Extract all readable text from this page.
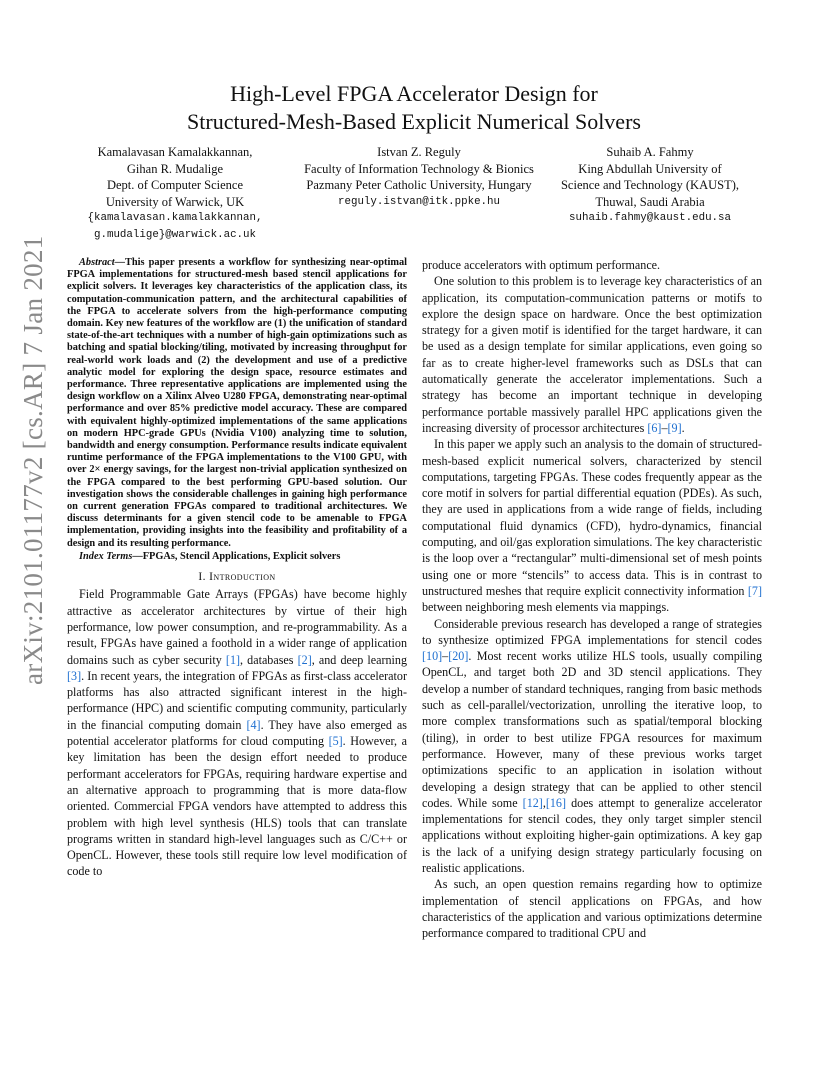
arXiv:2101.01177v2 [cs.AR] 7 Jan 2021
High-Level FPGA Accelerator Design for
Structured-Mesh-Based Explicit Numerical Solvers
Kamalavasan Kamalakkannan,
Gihan R. Mudalige
Dept. of Computer Science
University of Warwick, UK
{kamalavasan.kamalakkannan,
g.mudalige}@warwick.ac.uk
Istvan Z. Reguly
Faculty of Information Technology & Bionics
Pazmany Peter Catholic University, Hungary
reguly.istvan@itk.ppke.hu
Suhaib A. Fahmy
King Abdullah University of
Science and Technology (KAUST),
Thuwal, Saudi Arabia
suhaib.fahmy@kaust.edu.sa

Abstract—This paper presents a workflow for synthesizing near-optimal FPGA implementations for structured-mesh based stencil applications for explicit solvers. It leverages key characteristics of the application class, its computation-communication pattern, and the architectural capabilities of the FPGA to accelerate solvers from the high-performance computing domain. Key new features of the workflow are (1) the unification of standard state-of-the-art techniques with a number of high-gain optimizations such as batching and spatial blocking/tiling, motivated by increasing throughput for real-world work loads and (2) the development and use of a predictive analytic model for exploring the design space, resource estimates and performance. Three representative applications are implemented using the design workflow on a Xilinx Alveo U280 FPGA, demonstrating near-optimal performance and over 85% predictive model accuracy. These are compared with equivalent highly-optimized implementations of the same applications on modern HPC-grade GPUs (Nvidia V100) analyzing time to solution, bandwidth and energy consumption. Performance results indicate equivalent runtime performance of the FPGA implementations to the V100 GPU, with over 2× energy savings, for the largest non-trivial application synthesized on the FPGA compared to the best performing GPU-based solution. Our investigation shows the considerable challenges in gaining high performance on current generation FPGAs compared to traditional architectures. We discuss determinants for a given stencil code to be amenable to FPGA implementation, providing insights into the feasibility and profitability of a design and its resulting performance.

Index Terms—FPGAs, Stencil Applications, Explicit solvers

I. Introduction

Field Programmable Gate Arrays (FPGAs) have become highly attractive as accelerator architectures by virtue of their high performance, low power consumption, and re-programmability. As a result, FPGAs have gained a foothold in a wider range of application domains such as cyber security [1], databases [2], and deep learning [3]. In recent years, the integration of FPGAs as first-class accelerator platforms has also attracted significant interest in the high-performance (HPC) and scientific computing community, particularly in the financial computing domain [4]. They have also emerged as potential accelerator platforms for cloud computing [5]. However, a key limitation has been the design effort needed to produce performant accelerators for FPGAs, requiring hardware expertise and an alternative approach to programming that is more data-flow oriented. Commercial FPGA vendors have attempted to address this problem with high level synthesis (HLS) tools that can translate programs written in standard high-level languages such as C/C++ or OpenCL. However, these tools still require low level modification of code to

produce accelerators with optimum performance.

One solution to this problem is to leverage key characteristics of an application, its computation-communication patterns or motifs to explore the design space on hardware. Once the best optimization strategy for a given motif is identified for the target hardware, it can be used as a design template for similar applications, even going so far as to create higher-level frameworks such as DSLs that can automatically generate the accelerator implementations. Such a strategy has become an important technique in developing performance portable massively parallel HPC applications given the increasing diversity of processor architectures [6]–[9].

In this paper we apply such an analysis to the domain of structured-mesh-based explicit numerical solvers, characterized by stencil computations, targeting FPGAs. These codes frequently appear as the core motif in solvers for partial differential equation (PDEs). As such, they are used in applications from a wide range of fields, including computational fluid dynamics (CFD), hydro-dynamics, financial computing, and oil/gas exploration simulations. The key characteristic is the loop over a “rectangular” multi-dimensional set of mesh points using one or more “stencils” to access data. This is in contrast to unstructured meshes that require explicit connectivity information [7] between neighboring mesh elements via mappings.

Considerable previous research has developed a range of strategies to synthesize optimized FPGA implementations for stencil codes [10]–[20]. Most recent works utilize HLS tools, usually compiling OpenCL, and target both 2D and 3D stencil applications. They develop a number of standard techniques, ranging from basic methods such as cell-parallel/vectorization, unrolling the iterative loop, to more complex transformations such as spatial/temporal blocking (tiling), in order to best utilize FPGA resources for maximum performance. However, many of these previous works target optimizations specific to an application in isolation without developing a design strategy that can be applied to other stencil codes. While some [12],[16] does attempt to generalize accelerator implementations for stencil codes, they only target simpler stencil applications without exploiting higher-gain optimizations. A key gap is the lack of a unifying design strategy particularly focusing on realistic applications.

As such, an open question remains regarding how to optimize implementation of stencil applications on FPGAs, and how characteristics of the application and various optimizations determine performance compared to traditional CPU and
